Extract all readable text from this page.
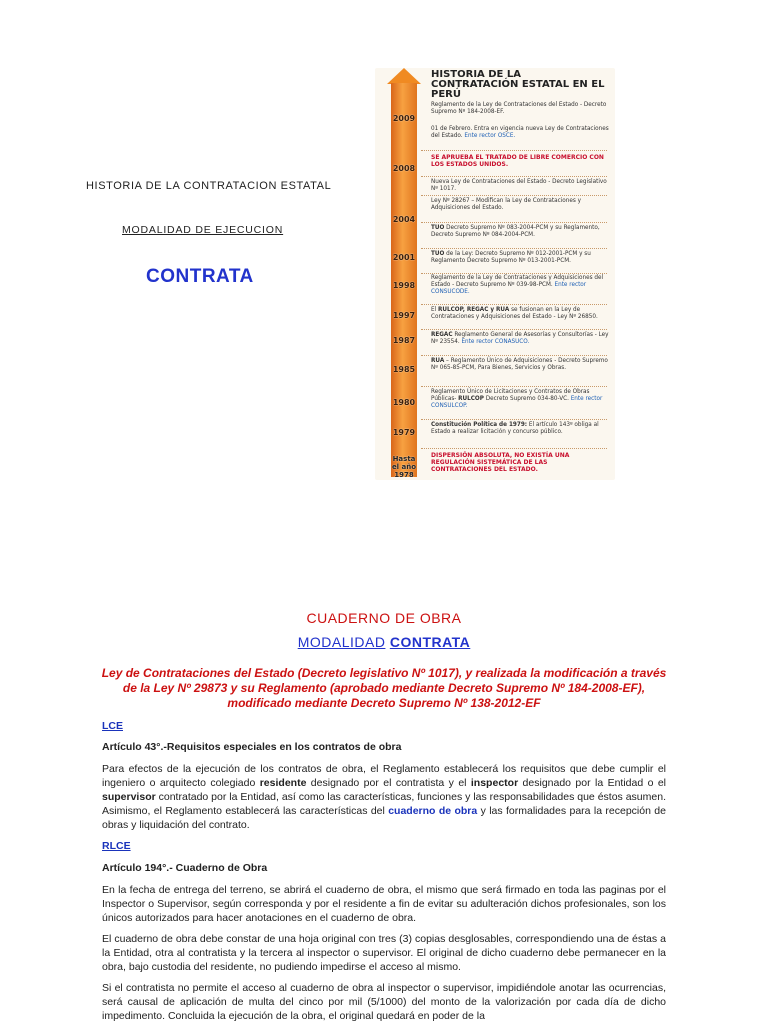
HISTORIA DE LA CONTRATACION ESTATAL
MODALIDAD DE EJECUCION
CONTRATA
HISTORIA DE LA CONTRATACIÓN ESTATAL EN EL PERÚ
2009
2008
2004
2001
1998
1997
1987
1985
1980
1979
Hasta el año 1978
Reglamento de la Ley de Contrataciones del Estado - Decreto Supremo Nº 184-2008-EF.
01 de Febrero. Entra en vigencia nueva Ley de Contrataciones del Estado. Ente rector OSCE.
SE APRUEBA EL TRATADO DE LIBRE COMERCIO CON LOS ESTADOS UNIDOS.
Nueva Ley de Contrataciones del Estado - Decreto Legislativo Nº 1017.
Ley Nº 28267 – Modifican la Ley de Contrataciones y Adquisiciones del Estado.
TUO Decreto Supremo Nº 083-2004-PCM y su Reglamento, Decreto Supremo Nº 084-2004-PCM.
TUO de la Ley: Decreto Supremo Nº 012-2001-PCM y su Reglamento Decreto Supremo Nº 013-2001-PCM.
Reglamento de la Ley de Contrataciones y Adquisiciones del Estado - Decreto Supremo Nº 039-98-PCM. Ente rector CONSUCODE.
El RULCOP, REGAC y RUA se fusionan en la Ley de Contrataciones y Adquisiciones del Estado - Ley Nº 26850.
REGAC Reglamento General de Asesorías y Consultorías - Ley Nº 23554. Ente rector CONASUCO.
RUA – Reglamento Único de Adquisiciones - Decreto Supremo Nº 065-85-PCM, Para Bienes, Servicios y Obras.
Reglamento Único de Licitaciones y Contratos de Obras Públicas- RULCOP Decreto Supremo 034-80-VC. Ente rector CONSULCOP.
Constitución Política de 1979: El artículo 143º obliga al Estado a realizar licitación y concurso público.
DISPERSIÓN ABSOLUTA, NO EXISTÍA UNA REGULACIÓN SISTEMÁTICA DE LAS CONTRATACIONES DEL ESTADO.
CUADERNO DE OBRA
MODALIDAD CONTRATA
Ley de Contrataciones del Estado (Decreto legislativo Nº 1017), y realizada la modificación a través de la Ley Nº 29873 y su Reglamento (aprobado mediante Decreto Supremo Nº 184-2008-EF), modificado mediante Decreto Supremo Nº 138-2012-EF
LCE
Artículo 43°.-Requisitos especiales en los contratos de obra
Para efectos de la ejecución de los contratos de obra, el Reglamento establecerá los requisitos que debe cumplir el ingeniero o arquitecto colegiado residente designado por el contratista y el inspector designado por la Entidad o el supervisor contratado por la Entidad, así como las características, funciones y las responsabilidades que éstos asumen. Asimismo, el Reglamento establecerá las características del cuaderno de obra y las formalidades para la recepción de obras y liquidación del contrato.
RLCE
Artículo 194°.- Cuaderno de Obra
En la fecha de entrega del terreno, se abrirá el cuaderno de obra, el mismo que será firmado en toda las paginas por el Inspector o Supervisor, según corresponda y por el residente a fin de evitar su adulteración dichos profesionales, son los únicos autorizados para hacer anotaciones en el cuaderno de obra.
El cuaderno de obra debe constar de una hoja original con tres (3) copias desglosables, correspondiendo una de éstas a la Entidad, otra al contratista y la tercera al inspector o supervisor. El original de dicho cuaderno debe permanecer en la obra, bajo custodia del residente, no pudiendo impedirse el acceso al mismo.
Si el contratista no permite el acceso al cuaderno de obra al inspector o supervisor, impidiéndole anotar las ocurrencias, será causal de aplicación de multa del cinco por mil (5/1000) del monto de la valorización por cada día de dicho impedimento. Concluida la ejecución de la obra, el original quedará en poder de la
